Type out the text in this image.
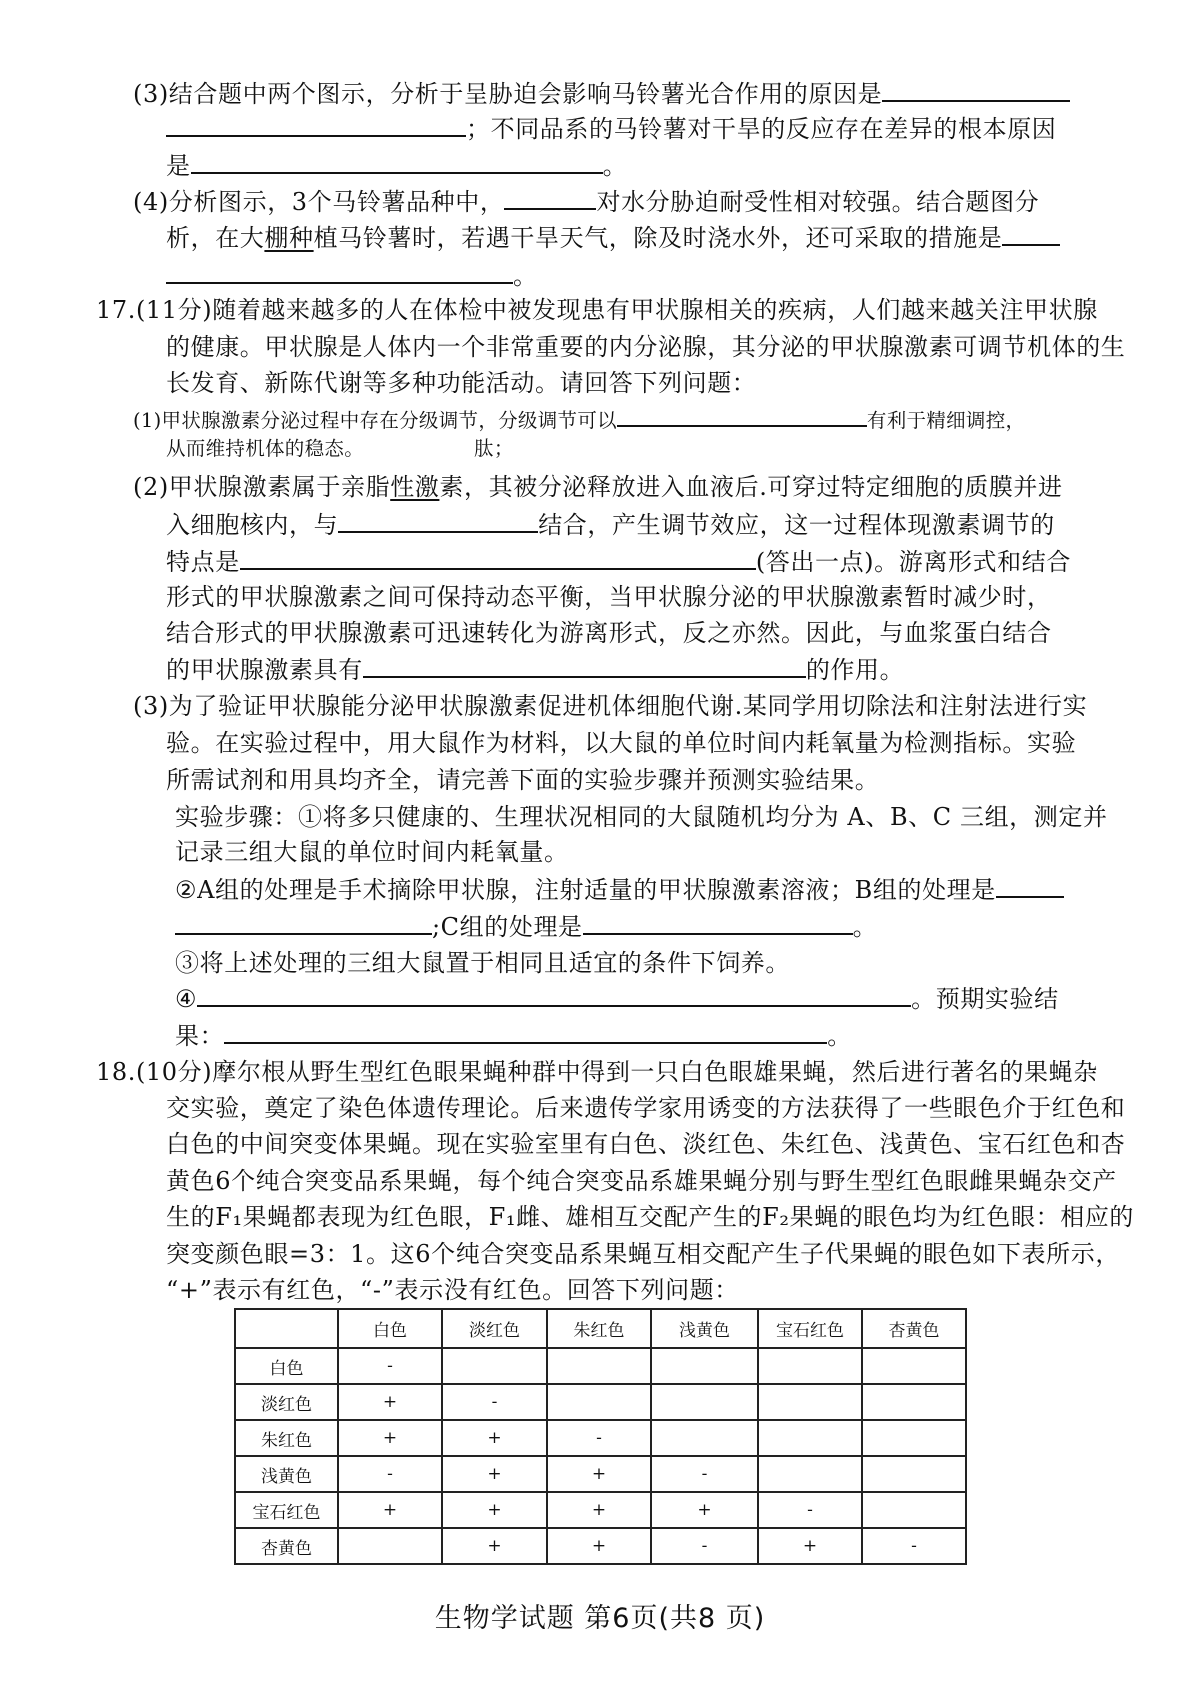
(3)结合题中两个图示，分析于呈胁迫会影响马铃薯光合作用的原因是
；不同品系的马铃薯对干旱的反应存在差异的根本原因
是	。
(4)分析图示，3个马铃薯品种中，	对水分胁迫耐受性相对较强。结合题图分
析，在大棚种植马铃薯时，若遇干旱天气，除及时浇水外，还可采取的措施是
。
17.(11分)随着越来越多的人在体检中被发现患有甲状腺相关的疾病，人们越来越关注甲状腺
的健康。甲状腺是人体内一个非常重要的内分泌腺，其分泌的甲状腺激素可调节机体的生
长发育、新陈代谢等多种功能活动。请回答下列问题：
(1)甲状腺激素分泌过程中存在分级调节，分级调节可以	有利于精细调控，
从而维持机体的稳态。	肽；
(2)甲状腺激素属于亲脂性激素，其被分泌释放进入血液后.可穿过特定细胞的质膜并进
入细胞核内，与	结合，产生调节效应，这一过程体现激素调节的
特点是	(答出一点)。游离形式和结合
形式的甲状腺激素之间可保持动态平衡，当甲状腺分泌的甲状腺激素暂时减少时，
结合形式的甲状腺激素可迅速转化为游离形式，反之亦然。因此，与血浆蛋白结合
的甲状腺激素具有	的作用。
(3)为了验证甲状腺能分泌甲状腺激素促进机体细胞代谢.某同学用切除法和注射法进行实
验。在实验过程中，用大鼠作为材料，以大鼠的单位时间内耗氧量为检测指标。实验
所需试剂和用具均齐全，请完善下面的实验步骤并预测实验结果。
实验步骤：①将多只健康的、生理状况相同的大鼠随机均分为 A、B、C 三组，测定并
记录三组大鼠的单位时间内耗氧量。
②A组的处理是手术摘除甲状腺，注射适量的甲状腺激素溶液；B组的处理是
;C组的处理是	。
③将上述处理的三组大鼠置于相同且适宜的条件下饲养。
④	。预期实验结
果：	。
18.(10分)摩尔根从野生型红色眼果蝇种群中得到一只白色眼雄果蝇，然后进行著名的果蝇杂
交实验，奠定了染色体遗传理论。后来遗传学家用诱变的方法获得了一些眼色介于红色和
白色的中间突变体果蝇。现在实验室里有白色、淡红色、朱红色、浅黄色、宝石红色和杏
黄色6个纯合突变品系果蝇，每个纯合突变品系雄果蝇分别与野生型红色眼雌果蝇杂交产
生的F₁果蝇都表现为红色眼，F₁雌、雄相互交配产生的F₂果蝇的眼色均为红色眼：相应的
突变颜色眼=3：1。这6个纯合突变品系果蝇互相交配产生子代果蝇的眼色如下表所示，
“+”表示有红色，“-”表示没有红色。回答下列问题：
	白色	淡红色	朱红色	浅黄色	宝石红色	杏黄色
白色	-					
淡红色	+	-				
朱红色	+	+	-			
浅黄色	-	+	+	-		
宝石红色	+	+	+	+	-	
杏黄色		+	+	-	+	-
生物学试题 第6页(共8 页)
